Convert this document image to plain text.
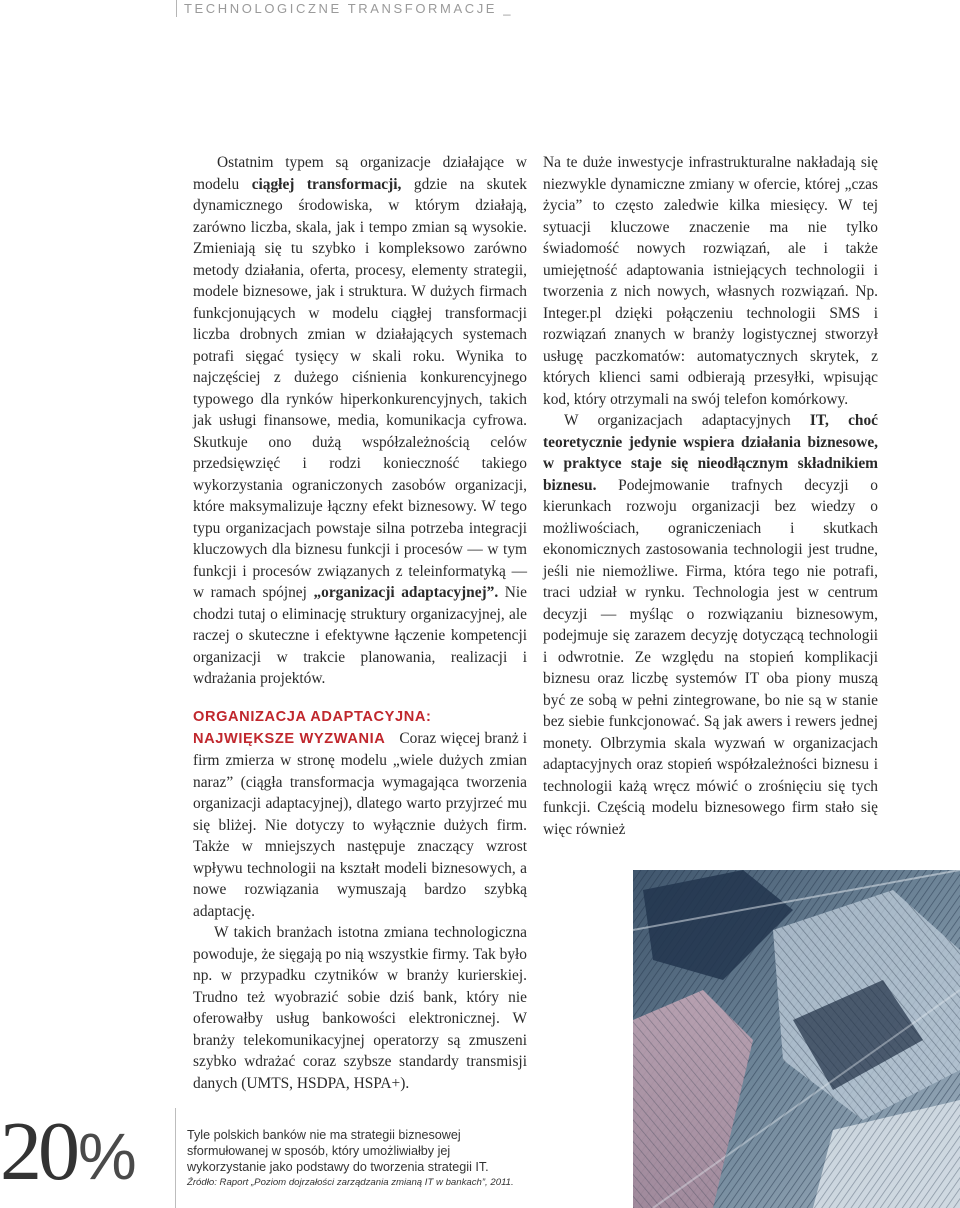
TECHNOLOGICZNE TRANSFORMACJE _

Ostatnim typem są organizacje działające w modelu ciągłej transformacji, gdzie na skutek dynamicznego środowiska, w którym działają, zarówno liczba, skala, jak i tempo zmian są wysokie. Zmieniają się tu szybko i kompleksowo zarówno metody działania, oferta, procesy, elementy strategii, modele biznesowe, jak i struktura. W dużych firmach funkcjonujących w modelu ciągłej transformacji liczba drobnych zmian w działających systemach potrafi sięgać tysięcy w skali roku. Wynika to najczęściej z dużego ciśnienia konkurencyjnego typowego dla rynków hiperkonkurencyjnych, takich jak usługi finansowe, media, komunikacja cyfrowa. Skutkuje ono dużą współzależnością celów przedsięwzięć i rodzi konieczność takiego wykorzystania ograniczonych zasobów organizacji, które maksymalizuje łączny efekt biznesowy. W tego typu organizacjach powstaje silna potrzeba integracji kluczowych dla biznesu funkcji i procesów — w tym funkcji i procesów związanych z teleinformatyką — w ramach spójnej „organizacji adaptacyjnej”. Nie chodzi tutaj o eliminację struktury organizacyjnej, ale raczej o skuteczne i efektywne łączenie kompetencji organizacji w trakcie planowania, realizacji i wdrażania projektów.

ORGANIZACJA ADAPTACYJNA:

NAJWIĘKSZE WYZWANIA Coraz więcej branż i firm zmierza w stronę modelu „wiele dużych zmian naraz” (ciągła transformacja wymagająca tworzenia organizacji adaptacyjnej), dlatego warto przyjrzeć mu się bliżej. Nie dotyczy to wyłącznie dużych firm. Także w mniejszych następuje znaczący wzrost wpływu technologii na kształt modeli biznesowych, a nowe rozwiązania wymuszają bardzo szybką adaptację.

W takich branżach istotna zmiana technologiczna powoduje, że sięgają po nią wszystkie firmy. Tak było np. w przypadku czytników w branży kurierskiej. Trudno też wyobrazić sobie dziś bank, który nie oferowałby usług bankowości elektronicznej. W branży telekomunikacyjnej operatorzy są zmuszeni szybko wdrażać coraz szybsze standardy transmisji danych (UMTS, HSDPA, HSPA+).

Na te duże inwestycje infrastrukturalne nakładają się niezwykle dynamiczne zmiany w ofercie, której „czas życia” to często zaledwie kilka miesięcy. W tej sytuacji kluczowe znaczenie ma nie tylko świadomość nowych rozwiązań, ale i także umiejętność adaptowania istniejących technologii i tworzenia z nich nowych, własnych rozwiązań. Np. Integer.pl dzięki połączeniu technologii SMS i rozwiązań znanych w branży logistycznej stworzył usługę paczkomatów: automatycznych skrytek, z których klienci sami odbierają przesyłki, wpisując kod, który otrzymali na swój telefon komórkowy.

W organizacjach adaptacyjnych IT, choć teoretycznie jedynie wspiera działania biznesowe, w praktyce staje się nieodłącznym składnikiem biznesu. Podejmowanie trafnych decyzji o kierunkach rozwoju organizacji bez wiedzy o możliwościach, ograniczeniach i skutkach ekonomicznych zastosowania technologii jest trudne, jeśli nie niemożliwe. Firma, która tego nie potrafi, traci udział w rynku. Technologia jest w centrum decyzji — myśląc o rozwiązaniu biznesowym, podejmuje się zarazem decyzję dotyczącą technologii i odwrotnie. Ze względu na stopień komplikacji biznesu oraz liczbę systemów IT oba piony muszą być ze sobą w pełni zintegrowane, bo nie są w stanie bez siebie funkcjonować. Są jak awers i rewers jednej monety. Olbrzymia skala wyzwań w organizacjach adaptacyjnych oraz stopień współzależności biznesu i technologii każą wręcz mówić o zrośnięciu się tych funkcji. Częścią modelu biznesowego firm stało się więc również

20%	Tyle polskich banków nie ma strategii biznesowej
sformułowanej w sposób, który umożliwiałby jej
wykorzystanie jako podstawy do tworzenia strategii IT.
Źródło: Raport „Poziom dojrzałości zarządzania zmianą IT w bankach”, 2011.
